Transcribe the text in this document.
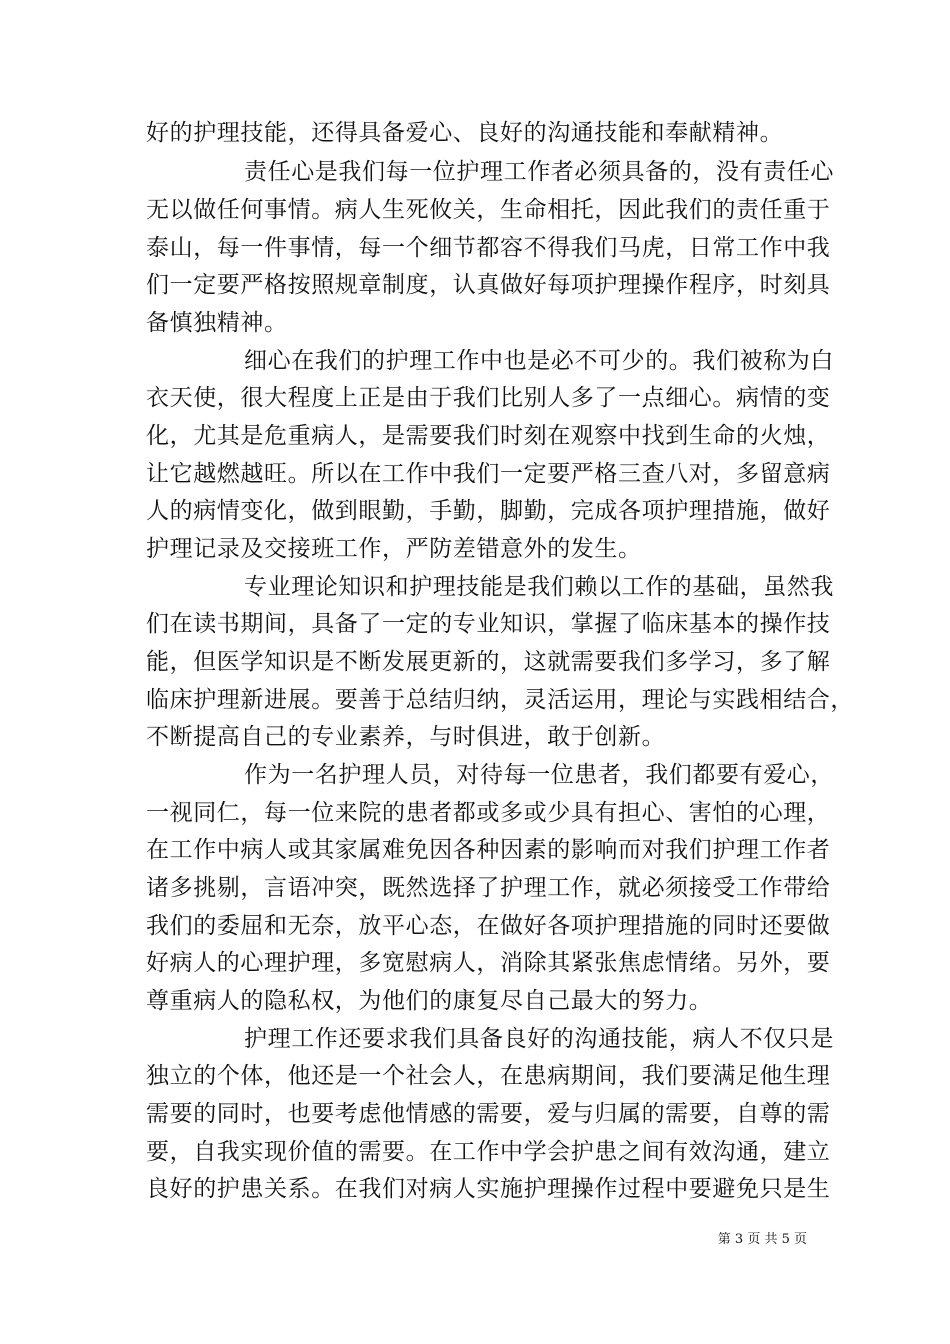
好的护理技能，还得具备爱心、良好的沟通技能和奉献精神。
责任心是我们每一位护理工作者必须具备的，没有责任心
无以做任何事情。病人生死攸关，生命相托，因此我们的责任重于
泰山，每一件事情，每一个细节都容不得我们马虎，日常工作中我
们一定要严格按照规章制度，认真做好每项护理操作程序，时刻具
备慎独精神。
细心在我们的护理工作中也是必不可少的。我们被称为白
衣天使，很大程度上正是由于我们比别人多了一点细心。病情的变
化，尤其是危重病人，是需要我们时刻在观察中找到生命的火烛，
让它越燃越旺。所以在工作中我们一定要严格三查八对，多留意病
人的病情变化，做到眼勤，手勤，脚勤，完成各项护理措施，做好
护理记录及交接班工作，严防差错意外的发生。
专业理论知识和护理技能是我们赖以工作的基础，虽然我
们在读书期间，具备了一定的专业知识，掌握了临床基本的操作技
能，但医学知识是不断发展更新的，这就需要我们多学习，多了解
临床护理新进展。要善于总结归纳，灵活运用，理论与实践相结合，
不断提高自己的专业素养，与时俱进，敢于创新。
作为一名护理人员，对待每一位患者，我们都要有爱心，
一视同仁，每一位来院的患者都或多或少具有担心、害怕的心理，
在工作中病人或其家属难免因各种因素的影响而对我们护理工作者
诸多挑剔，言语冲突，既然选择了护理工作，就必须接受工作带给
我们的委屈和无奈，放平心态，在做好各项护理措施的同时还要做
好病人的心理护理，多宽慰病人，消除其紧张焦虑情绪。另外，要
尊重病人的隐私权，为他们的康复尽自己最大的努力。
护理工作还要求我们具备良好的沟通技能，病人不仅只是
独立的个体，他还是一个社会人，在患病期间，我们要满足他生理
需要的同时，也要考虑他情感的需要，爱与归属的需要，自尊的需
要，自我实现价值的需要。在工作中学会护患之间有效沟通，建立
良好的护患关系。在我们对病人实施护理操作过程中要避免只是生
第 3 页 共 5 页
